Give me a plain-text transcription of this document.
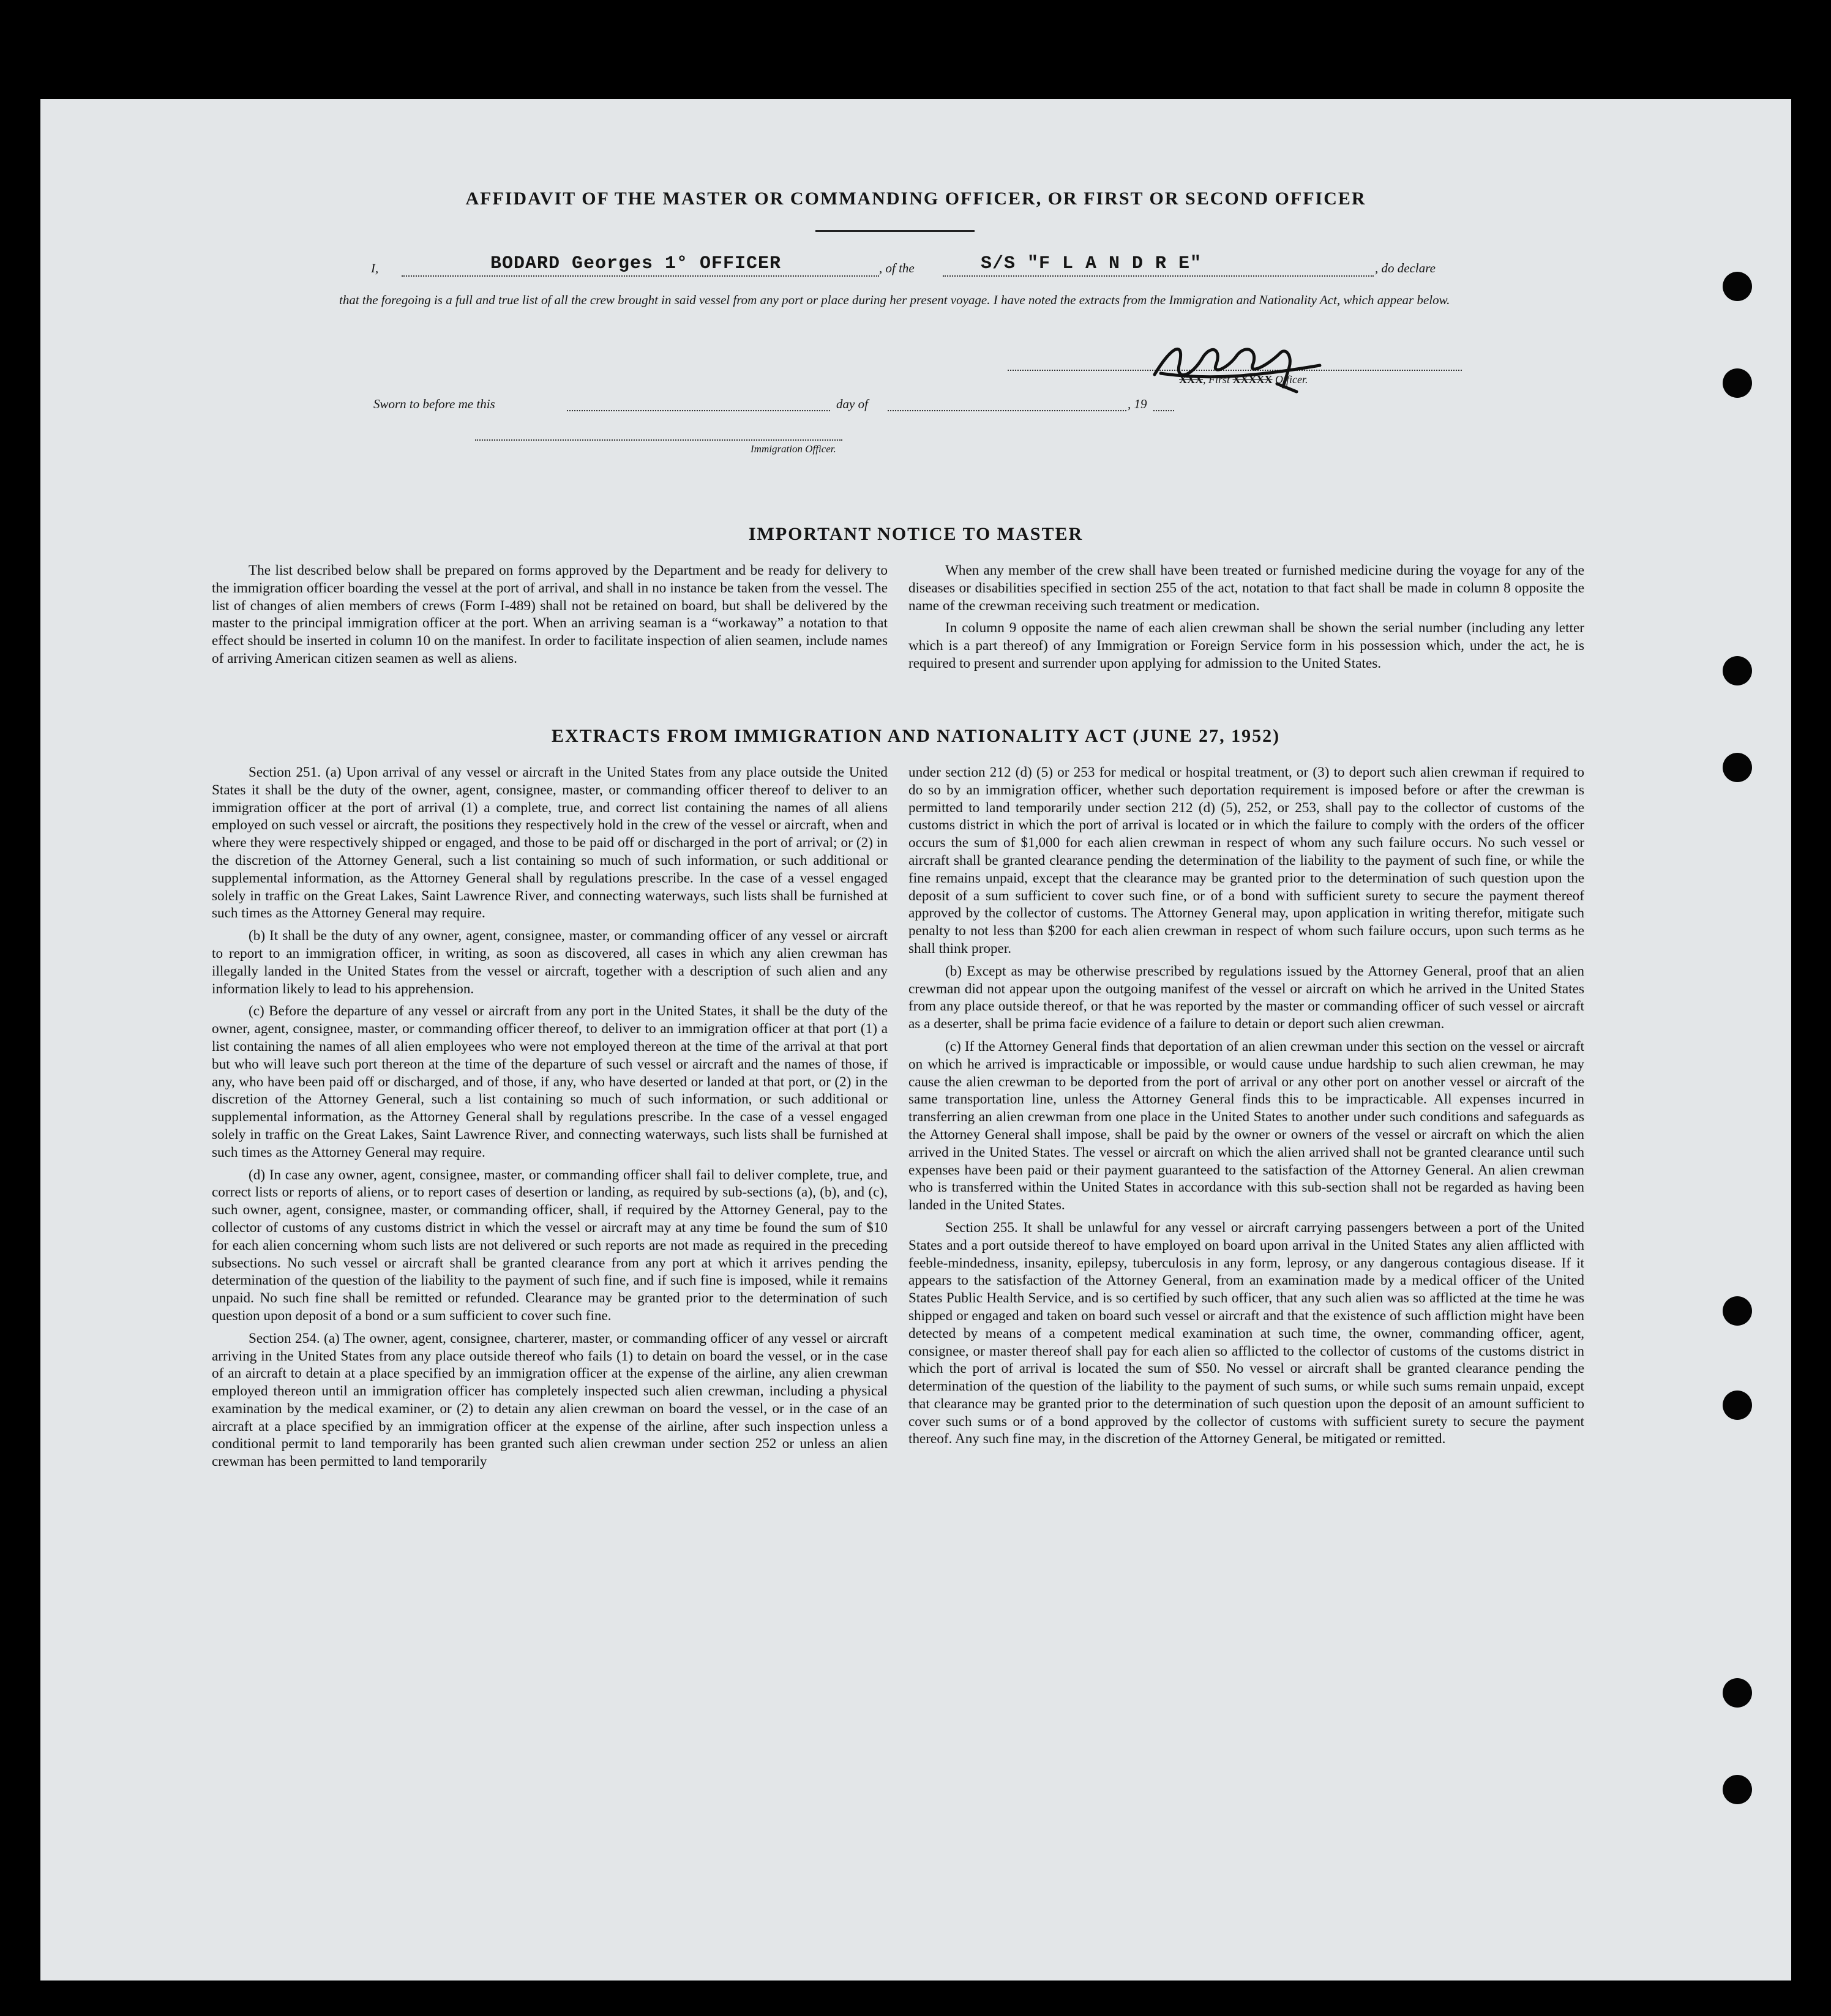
AFFIDAVIT OF THE MASTER OR COMMANDING OFFICER, OR FIRST OR SECOND OFFICER
I,	BODARD Georges 1° OFFICER	, of the	S/S "F L A N D R E"	, do declare
that the foregoing is a full and true list of all the crew brought in said vessel from any port or place during her present voyage. I have noted the extracts from the Immigration and Nationality Act, which appear below.
XXX, First XXXXX Officer.
Sworn to before me this	day of	, 19
Immigration Officer.
IMPORTANT NOTICE TO MASTER

The list described below shall be prepared on forms approved by the Department and be ready for delivery to the immigration officer boarding the vessel at the port of arrival, and shall in no instance be taken from the vessel. The list of changes of alien members of crews (Form I-489) shall not be retained on board, but shall be delivered by the master to the principal immigration officer at the port. When an arriving seaman is a “workaway” a notation to that effect should be inserted in column 10 on the manifest. In order to facilitate inspection of alien seamen, include names of arriving American citizen seamen as well as aliens.

When any member of the crew shall have been treated or furnished medicine during the voyage for any of the diseases or disabilities specified in section 255 of the act, notation to that fact shall be made in column 8 opposite the name of the crewman receiving such treatment or medication.

In column 9 opposite the name of each alien crewman shall be shown the serial number (including any letter which is a part thereof) of any Immigration or Foreign Service form in his possession which, under the act, he is required to present and surrender upon applying for admission to the United States.

EXTRACTS FROM IMMIGRATION AND NATIONALITY ACT (JUNE 27, 1952)

Section 251. (a) Upon arrival of any vessel or aircraft in the United States from any place outside the United States it shall be the duty of the owner, agent, consignee, master, or commanding officer thereof to deliver to an immigration officer at the port of arrival (1) a complete, true, and correct list containing the names of all aliens employed on such vessel or aircraft, the positions they respectively hold in the crew of the vessel or aircraft, when and where they were respectively shipped or engaged, and those to be paid off or discharged in the port of arrival; or (2) in the discretion of the Attorney General, such a list containing so much of such information, or such additional or supplemental information, as the Attorney General shall by regulations prescribe. In the case of a vessel engaged solely in traffic on the Great Lakes, Saint Lawrence River, and connecting waterways, such lists shall be furnished at such times as the Attorney General may require.

(b) It shall be the duty of any owner, agent, consignee, master, or commanding officer of any vessel or aircraft to report to an immigration officer, in writing, as soon as discovered, all cases in which any alien crewman has illegally landed in the United States from the vessel or aircraft, together with a description of such alien and any information likely to lead to his apprehension.

(c) Before the departure of any vessel or aircraft from any port in the United States, it shall be the duty of the owner, agent, consignee, master, or commanding officer thereof, to deliver to an immigration officer at that port (1) a list containing the names of all alien employees who were not employed thereon at the time of the arrival at that port but who will leave such port thereon at the time of the departure of such vessel or aircraft and the names of those, if any, who have been paid off or discharged, and of those, if any, who have deserted or landed at that port, or (2) in the discretion of the Attorney General, such a list containing so much of such information, or such additional or supplemental information, as the Attorney General shall by regulations prescribe. In the case of a vessel engaged solely in traffic on the Great Lakes, Saint Lawrence River, and connecting waterways, such lists shall be furnished at such times as the Attorney General may require.

(d) In case any owner, agent, consignee, master, or commanding officer shall fail to deliver complete, true, and correct lists or reports of aliens, or to report cases of desertion or landing, as required by sub-sections (a), (b), and (c), such owner, agent, consignee, master, or commanding officer, shall, if required by the Attorney General, pay to the collector of customs of any customs district in which the vessel or aircraft may at any time be found the sum of $10 for each alien concerning whom such lists are not delivered or such reports are not made as required in the preceding subsections. No such vessel or aircraft shall be granted clearance from any port at which it arrives pending the determination of the question of the liability to the payment of such fine, and if such fine is imposed, while it remains unpaid. No such fine shall be remitted or refunded. Clearance may be granted prior to the determination of such question upon deposit of a bond or a sum sufficient to cover such fine.

Section 254. (a) The owner, agent, consignee, charterer, master, or commanding officer of any vessel or aircraft arriving in the United States from any place outside thereof who fails (1) to detain on board the vessel, or in the case of an aircraft to detain at a place specified by an immigration officer at the expense of the airline, any alien crewman employed thereon until an immigration officer has completely inspected such alien crewman, including a physical examination by the medical examiner, or (2) to detain any alien crewman on board the vessel, or in the case of an aircraft at a place specified by an immigration officer at the expense of the airline, after such inspection unless a conditional permit to land temporarily has been granted such alien crewman under section 252 or unless an alien crewman has been permitted to land temporarily

under section 212 (d) (5) or 253 for medical or hospital treatment, or (3) to deport such alien crewman if required to do so by an immigration officer, whether such deportation requirement is imposed before or after the crewman is permitted to land temporarily under section 212 (d) (5), 252, or 253, shall pay to the collector of customs of the customs district in which the port of arrival is located or in which the failure to comply with the orders of the officer occurs the sum of $1,000 for each alien crewman in respect of whom any such failure occurs. No such vessel or aircraft shall be granted clearance pending the determination of the liability to the payment of such fine, or while the fine remains unpaid, except that the clearance may be granted prior to the determination of such question upon the deposit of a sum sufficient to cover such fine, or of a bond with sufficient surety to secure the payment thereof approved by the collector of customs. The Attorney General may, upon application in writing therefor, mitigate such penalty to not less than $200 for each alien crewman in respect of whom such failure occurs, upon such terms as he shall think proper.

(b) Except as may be otherwise prescribed by regulations issued by the Attorney General, proof that an alien crewman did not appear upon the outgoing manifest of the vessel or aircraft on which he arrived in the United States from any place outside thereof, or that he was reported by the master or commanding officer of such vessel or aircraft as a deserter, shall be prima facie evidence of a failure to detain or deport such alien crewman.

(c) If the Attorney General finds that deportation of an alien crewman under this section on the vessel or aircraft on which he arrived is impracticable or impossible, or would cause undue hardship to such alien crewman, he may cause the alien crewman to be deported from the port of arrival or any other port on another vessel or aircraft of the same transportation line, unless the Attorney General finds this to be impracticable. All expenses incurred in transferring an alien crewman from one place in the United States to another under such conditions and safeguards as the Attorney General shall impose, shall be paid by the owner or owners of the vessel or aircraft on which the alien arrived in the United States. The vessel or aircraft on which the alien arrived shall not be granted clearance until such expenses have been paid or their payment guaranteed to the satisfaction of the Attorney General. An alien crewman who is transferred within the United States in accordance with this sub-section shall not be regarded as having been landed in the United States.

Section 255. It shall be unlawful for any vessel or aircraft carrying passengers between a port of the United States and a port outside thereof to have employed on board upon arrival in the United States any alien afflicted with feeble-mindedness, insanity, epilepsy, tuberculosis in any form, leprosy, or any dangerous contagious disease. If it appears to the satisfaction of the Attorney General, from an examination made by a medical officer of the United States Public Health Service, and is so certified by such officer, that any such alien was so afflicted at the time he was shipped or engaged and taken on board such vessel or aircraft and that the existence of such affliction might have been detected by means of a competent medical examination at such time, the owner, commanding officer, agent, consignee, or master thereof shall pay for each alien so afflicted to the collector of customs of the customs district in which the port of arrival is located the sum of $50. No vessel or aircraft shall be granted clearance pending the determination of the question of the liability to the payment of such sums, or while such sums remain unpaid, except that clearance may be granted prior to the determination of such question upon the deposit of an amount sufficient to cover such sums or of a bond approved by the collector of customs with sufficient surety to secure the payment thereof. Any such fine may, in the discretion of the Attorney General, be mitigated or remitted.
